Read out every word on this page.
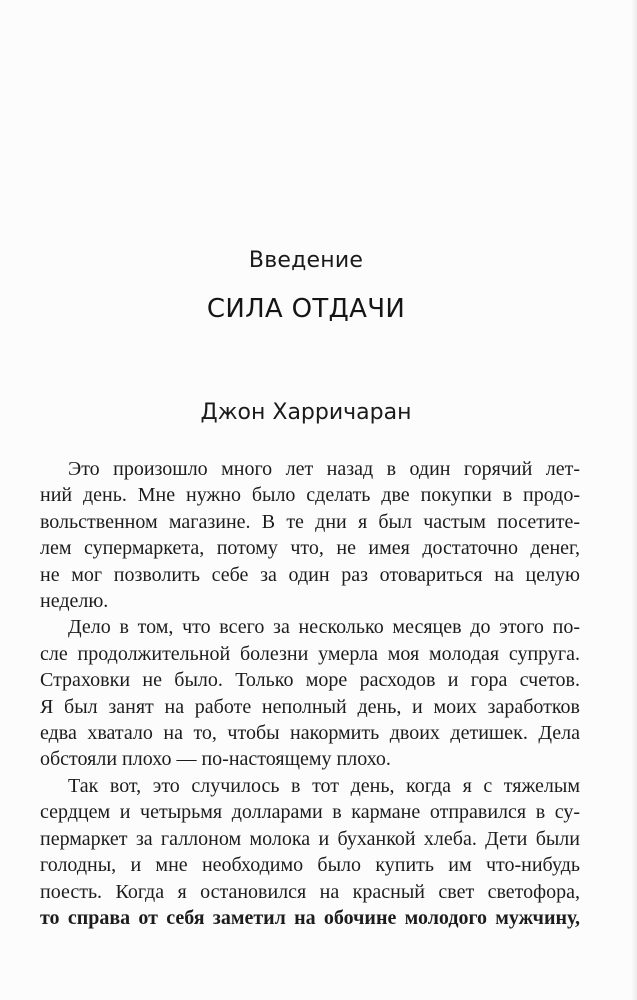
Введение
СИЛА ОТДАЧИ
Джон Харричаран
Это произошло много лет назад в один горячий лет-
ний день. Мне нужно было сделать две покупки в продо-
вольственном магазине. В те дни я был частым посетите-
лем супермаркета, потому что, не имея достаточно денег,
не мог позволить себе за один раз отовариться на целую
неделю.
Дело в том, что всего за несколько месяцев до этого по-
сле продолжительной болезни умерла моя молодая супруга.
Страховки не было. Только море расходов и гора счетов.
Я был занят на работе неполный день, и моих заработков
едва хватало на то, чтобы накормить двоих детишек. Дела
обстояли плохо — по-настоящему плохо.
Так вот, это случилось в тот день, когда я с тяжелым
сердцем и четырьмя долларами в кармане отправился в су-
пермаркет за галлоном молока и буханкой хлеба. Дети были
голодны, и мне необходимо было купить им что-нибудь
поесть. Когда я остановился на красный свет светофора,
то справа от себя заметил на обочине молодого мужчину,
